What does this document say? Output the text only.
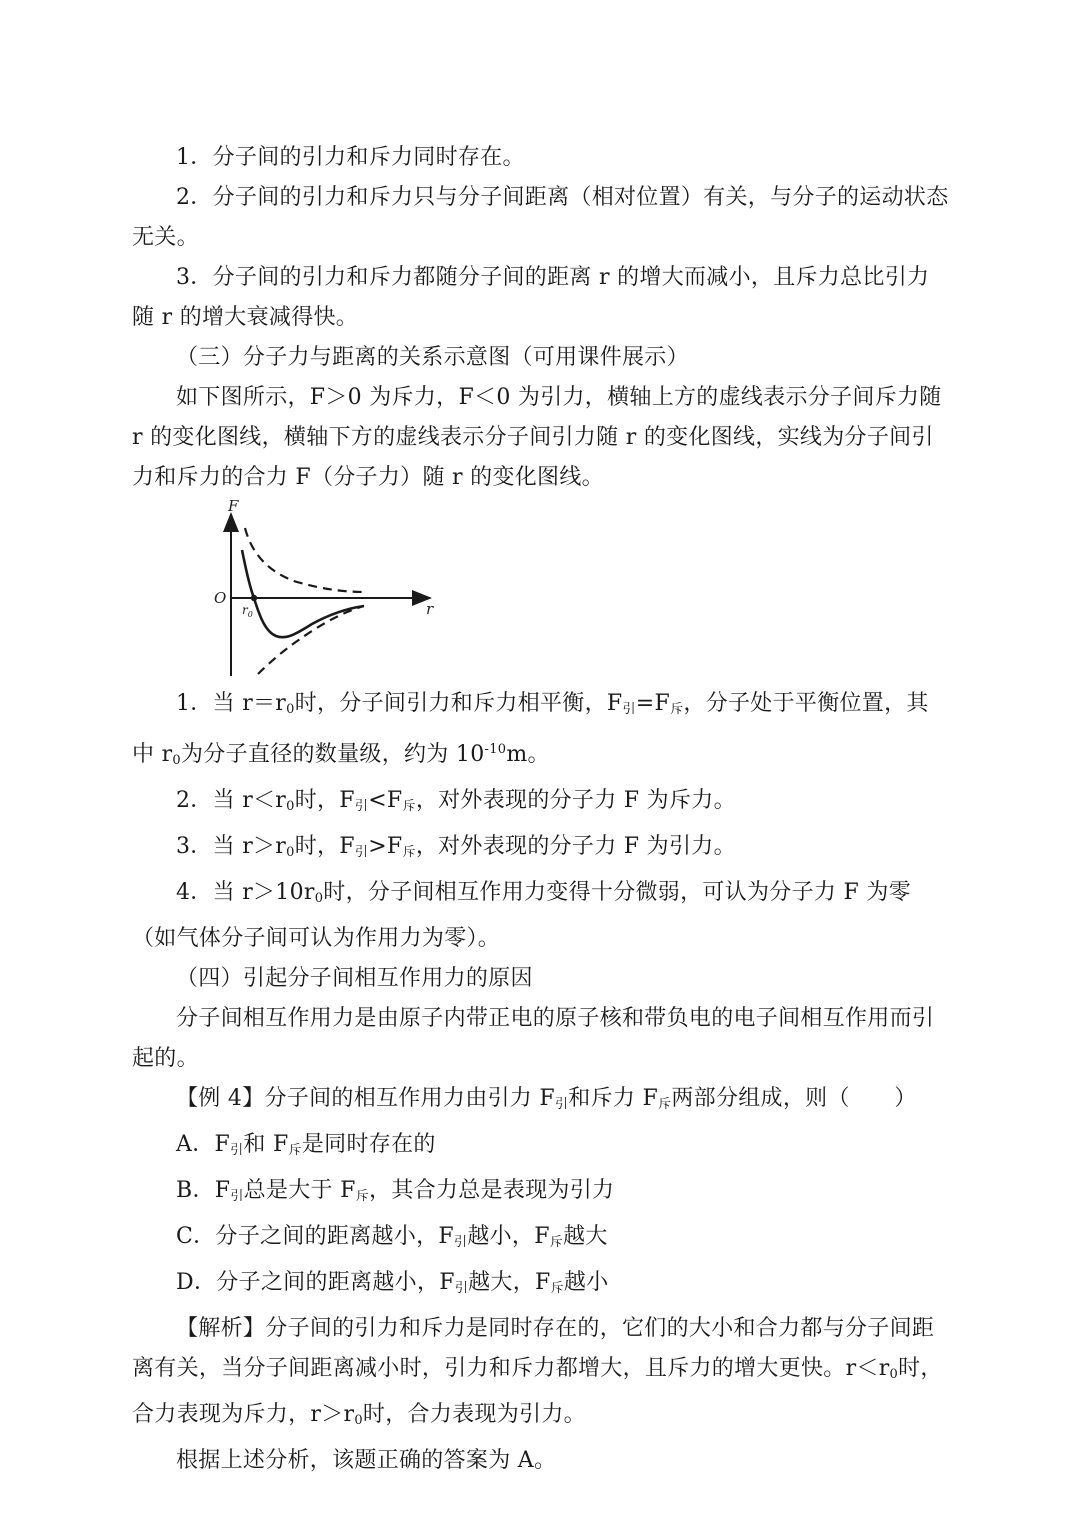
1．分子间的引力和斥力同时存在。

2．分子间的引力和斥力只与分子间距离（相对位置）有关，与分子的运动状态无关。

3．分子间的引力和斥力都随分子间的距离 r 的增大而减小，且斥力总比引力随 r 的增大衰减得快。

（三）分子力与距离的关系示意图（可用课件展示）

如下图所示，F＞0 为斥力，F＜0 为引力，横轴上方的虚线表示分子间斥力随 r 的变化图线，横轴下方的虚线表示分子间引力随 r 的变化图线，实线为分子间引力和斥力的合力 F（分子力）随 r 的变化图线。

F
r
O
$r_0$

1．当 $r=r_0$时，分子间引力和斥力相平衡，$F_引=F_斥$，分子处于平衡位置，其中 $r_0$为分子直径的数量级，约为 $10^{-10}m$。

2．当 $r<r_0$时，$F_引<F_斥$，对外表现的分子力 F 为斥力。

3．当 $r>r_0$时，$F_引>F_斥$，对外表现的分子力 F 为引力。

4．当 $r>10r_0$时，分子间相互作用力变得十分微弱，可认为分子力 F 为零（如气体分子间可认为作用力为零）。

（四）引起分子间相互作用力的原因

分子间相互作用力是由原子内带正电的原子核和带负电的电子间相互作用而引起的。

【例 4】分子间的相互作用力由引力 $F_引$和斥力 $F_斥$两部分组成，则（　　）

A．$F_引$和 $F_斥$是同时存在的

B．$F_引$总是大于 $F_斥$，其合力总是表现为引力

C．分子之间的距离越小，$F_引$越小，$F_斥$越大

D．分子之间的距离越小，$F_引$越大，$F_斥$越小

【解析】分子间的引力和斥力是同时存在的，它们的大小和合力都与分子间距离有关，当分子间距离减小时，引力和斥力都增大，且斥力的增大更快。$r<r_0$时，合力表现为斥力，$r>r_0$时，合力表现为引力。

根据上述分析，该题正确的答案为 A。
